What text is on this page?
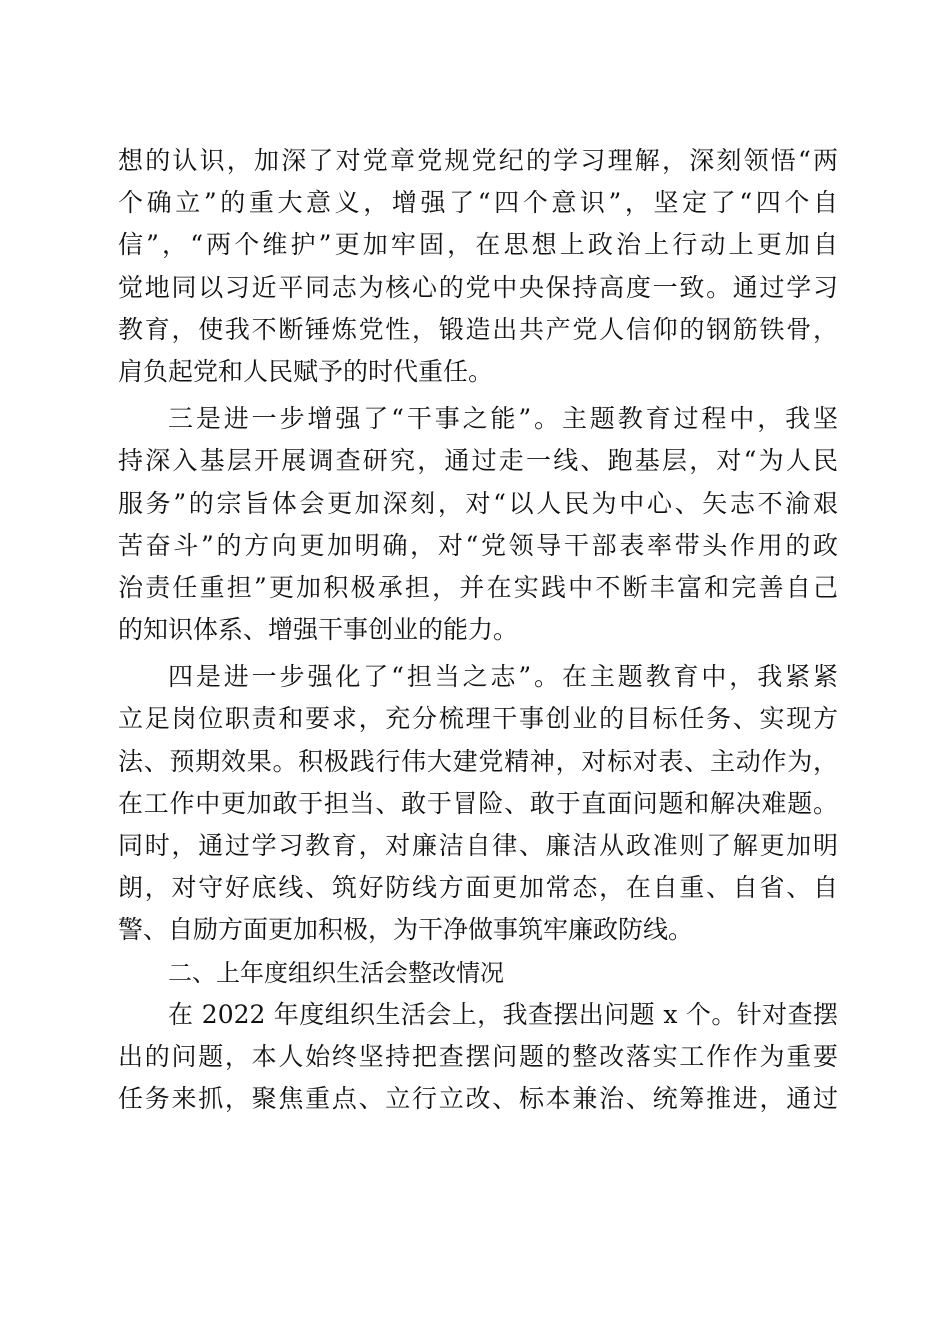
想的认识，加深了对党章党规党纪的学习理解，深刻领悟“两
个确立”的重大意义，增强了“四个意识”，坚定了“四个自
信”，“两个维护”更加牢固，在思想上政治上行动上更加自
觉地同以习近平同志为核心的党中央保持高度一致。通过学习
教育，使我不断锤炼党性，锻造出共产党人信仰的钢筋铁骨，
肩负起党和人民赋予的时代重任。
三是进一步增强了“干事之能”。主题教育过程中，我坚
持深入基层开展调查研究，通过走一线、跑基层，对“为人民
服务”的宗旨体会更加深刻，对“以人民为中心、矢志不渝艰
苦奋斗”的方向更加明确，对“党领导干部表率带头作用的政
治责任重担”更加积极承担，并在实践中不断丰富和完善自己
的知识体系、增强干事创业的能力。
四是进一步强化了“担当之志”。在主题教育中，我紧紧
立足岗位职责和要求，充分梳理干事创业的目标任务、实现方
法、预期效果。积极践行伟大建党精神，对标对表、主动作为，
在工作中更加敢于担当、敢于冒险、敢于直面问题和解决难题。
同时，通过学习教育，对廉洁自律、廉洁从政准则了解更加明
朗，对守好底线、筑好防线方面更加常态，在自重、自省、自
警、自励方面更加积极，为干净做事筑牢廉政防线。
二、上年度组织生活会整改情况
在 2022 年度组织生活会上，我查摆出问题 x 个。针对查摆
出的问题，本人始终坚持把查摆问题的整改落实工作作为重要
任务来抓，聚焦重点、立行立改、标本兼治、统筹推进，通过
